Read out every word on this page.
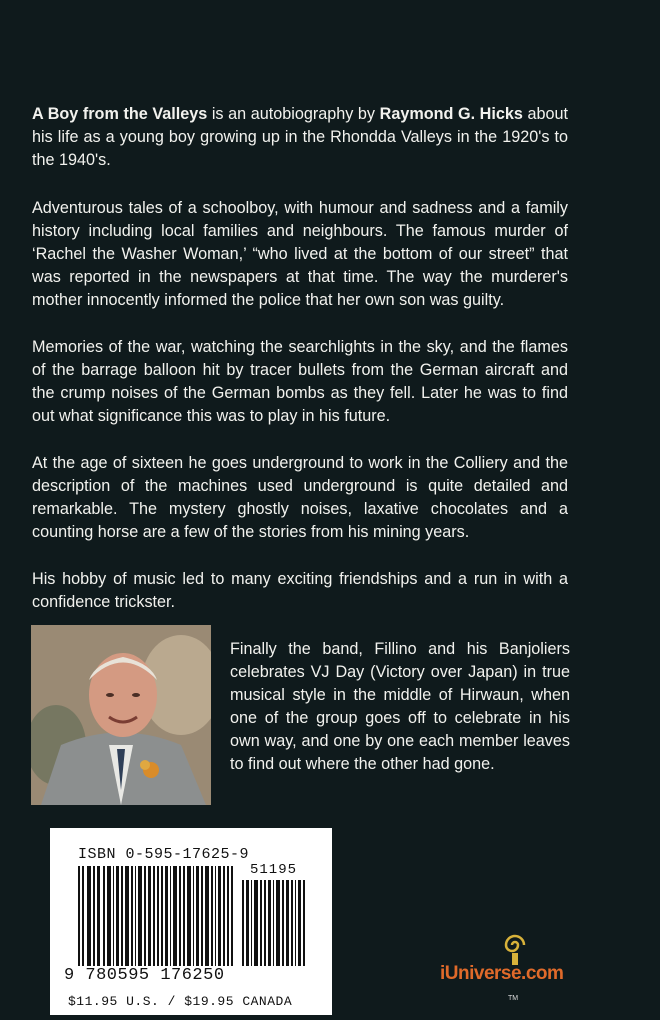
A Boy from the Valleys is an autobiography by Raymond G. Hicks about his life as a young boy growing up in the Rhondda Valleys in the 1920's to the 1940's.

Adventurous tales of a schoolboy, with humour and sadness and a family history including local families and neighbours. The famous murder of ‘Rachel the Washer Woman,’ “who lived at the bottom of our street” that was reported in the newspapers at that time. The way the murderer's mother innocently informed the police that her own son was guilty.

Memories of the war, watching the searchlights in the sky, and the flames of the barrage balloon hit by tracer bullets from the German aircraft and the crump noises of the German bombs as they fell. Later he was to find out what significance this was to play in his future.

At the age of sixteen he goes underground to work in the Colliery and the description of the machines used underground is quite detailed and remarkable. The mystery ghostly noises, laxative chocolates and a counting horse are a few of the stories from his mining years.

His hobby of music led to many exciting friendships and a run in with a confidence trickster.

Finally the band, Fillino and his Banjoliers celebrates VJ Day (Victory over Japan) in true musical style in the middle of Hirwaun, when one of the group goes off to celebrate in his own way, and one by one each member leaves to find out where the other had gone.

ISBN 0-595-17625-9
51195
9 780595 176250
$11.95 U.S. / $19.95 CANADA
iUniverse.com
TM
